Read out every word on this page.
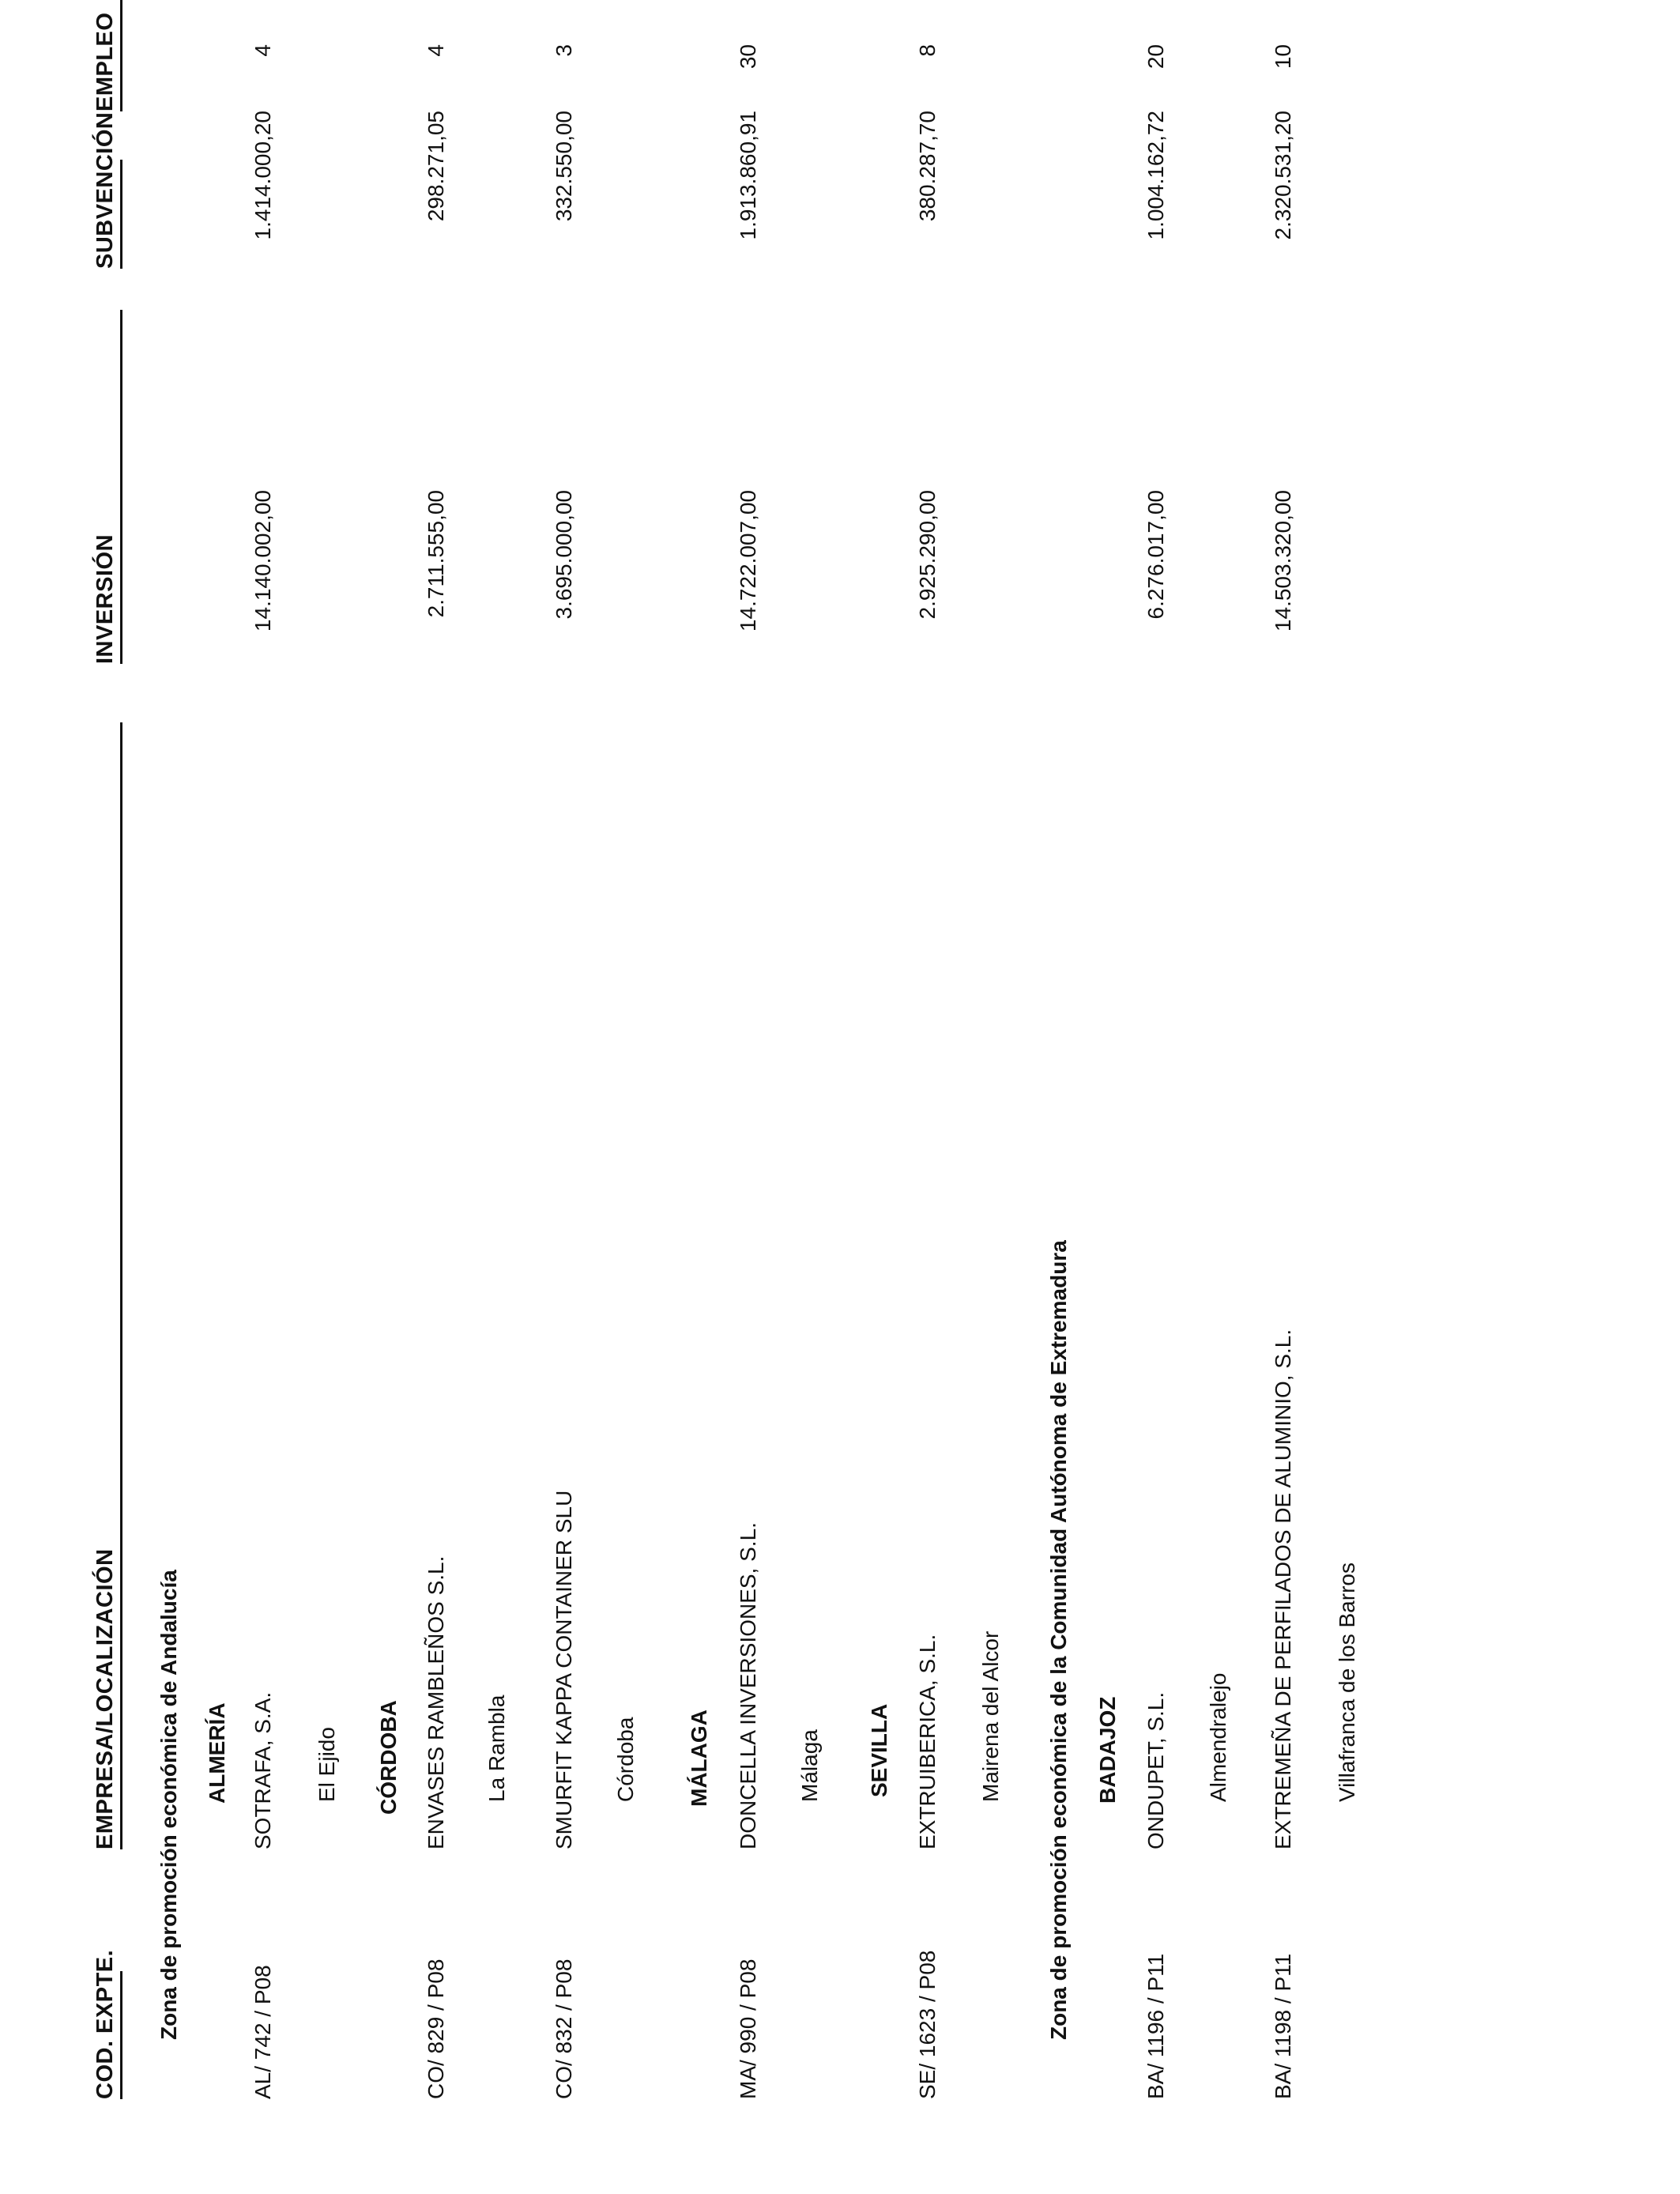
COD. EXPTE.
EMPRESA/LOCALIZACIÓN
INVERSIÓN
SUBVENCIÓN
EMPLEO
Zona de promoción económica de Andalucía ALMERÍA
AL/ 742 / P08
SOTRAFA, S.A.
14.140.002,00
1.414.000,20
4
El Ejido CÓRDOBA
CO/ 829 / P08
ENVASES RAMBLEÑOS S.L.
2.711.555,00
298.271,05
4
La Rambla
CO/ 832 / P08
SMURFIT KAPPA CONTAINER SLU
3.695.000,00
332.550,00
3
Córdoba MÁLAGA
MA/ 990 / P08
DONCELLA INVERSIONES, S.L.
14.722.007,00
1.913.860,91
30
Málaga SEVILLA
SE/ 1623 / P08
EXTRUIBERICA, S.L.
2.925.290,00
380.287,70
8
Mairena del Alcor Zona de promoción económica de la Comunidad Autónoma de Extremadura BADAJOZ
BA/ 1196 / P11
ONDUPET, S.L.
6.276.017,00
1.004.162,72
20
Almendralejo
BA/ 1198 / P11
EXTREMEÑA DE PERFILADOS DE ALUMINIO, S.L.
14.503.320,00
2.320.531,20
10
Villafranca de los Barros
